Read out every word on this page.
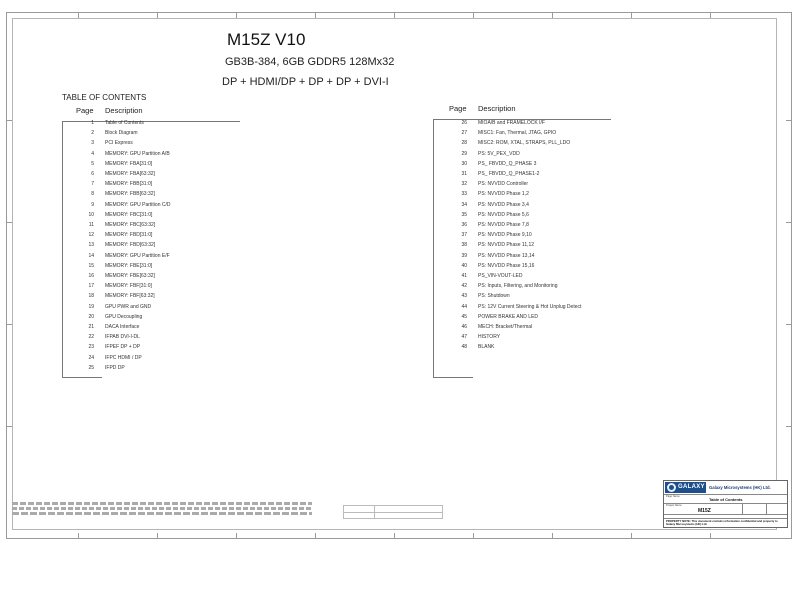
M15Z V10
GB3B-384, 6GB GDDR5 128Mx32
DP + HDMI/DP + DP + DP + DVI-I
TABLE OF CONTENTS
Page Description	Page Description
1 Table of Contents
2 Block Diagram
3 PCI Express
4 MEMORY: GPU Partition A/B
5 MEMORY: FBA[31:0]
6 MEMORY: FBA[63:32]
7 MEMORY: FBB[31:0]
8 MEMORY: FBB[63:32]
9 MEMORY: GPU Partition C/D
10 MEMORY: FBC[31:0]
11 MEMORY: FBC[63:32]
12 MEMORY: FBD[31:0]
13 MEMORY: FBD[63:32]
14 MEMORY: GPU Partition E/F
15 MEMORY: FBE[31:0]
16 MEMORY: FBE[63:32]
17 MEMORY: FBF[31:0]
18 MEMORY: FBF[63:32]
19 GPU PWR and GND
20 GPU Decoupling
21 DACA Interface
22 IFPAB DVI-I-DL
23 IFPEF DP + DP
24 IFPC HDMI / DP
25 IFPD DP
26 MIOA/B and FRAMELOCK I/F
27 MISC1: Fan, Thermal, JTAG, GPIO
28 MISC2: ROM, XTAL, STRAPS, PLL_LDO
29 PS: 5V_PEX_VDD
30 PS_ FBVDD_Q_PHASE 3
31 PS_ FBVDD_Q_PHASE1-2
32 PS: NVVDD Controller
33 PS: NVVDD Phase 1,2
34 PS: NVVDD Phase 3,4
35 PS: NVVDD Phase 5,6
36 PS: NVVDD Phase 7,8
37 PS: NVVDD Phase 9,10
38 PS: NVVDD Phase 11,12
39 PS: NVVDD Phase 13,14
40 PS: NVVDD Phase 15,16
41 PS_VIN-VOUT-LED
42 PS: Inputs, Filtering, and Monitoring
43 PS: Shutdown
44 PS: 12V Current Steering & Hot Unplug Detect
45 POWER BRAKE AND LED
46 MECH: Bracket/Thermal
47 HISTORY
48 BLANK
GALAXY Galaxy Microsystems (HK) Ltd.
Page Name
Table of Contents
Project Name
M15Z
PROPERTY NOTE: This document contains information confidential and property to Galaxy Microsystems (HK) Ltd.
